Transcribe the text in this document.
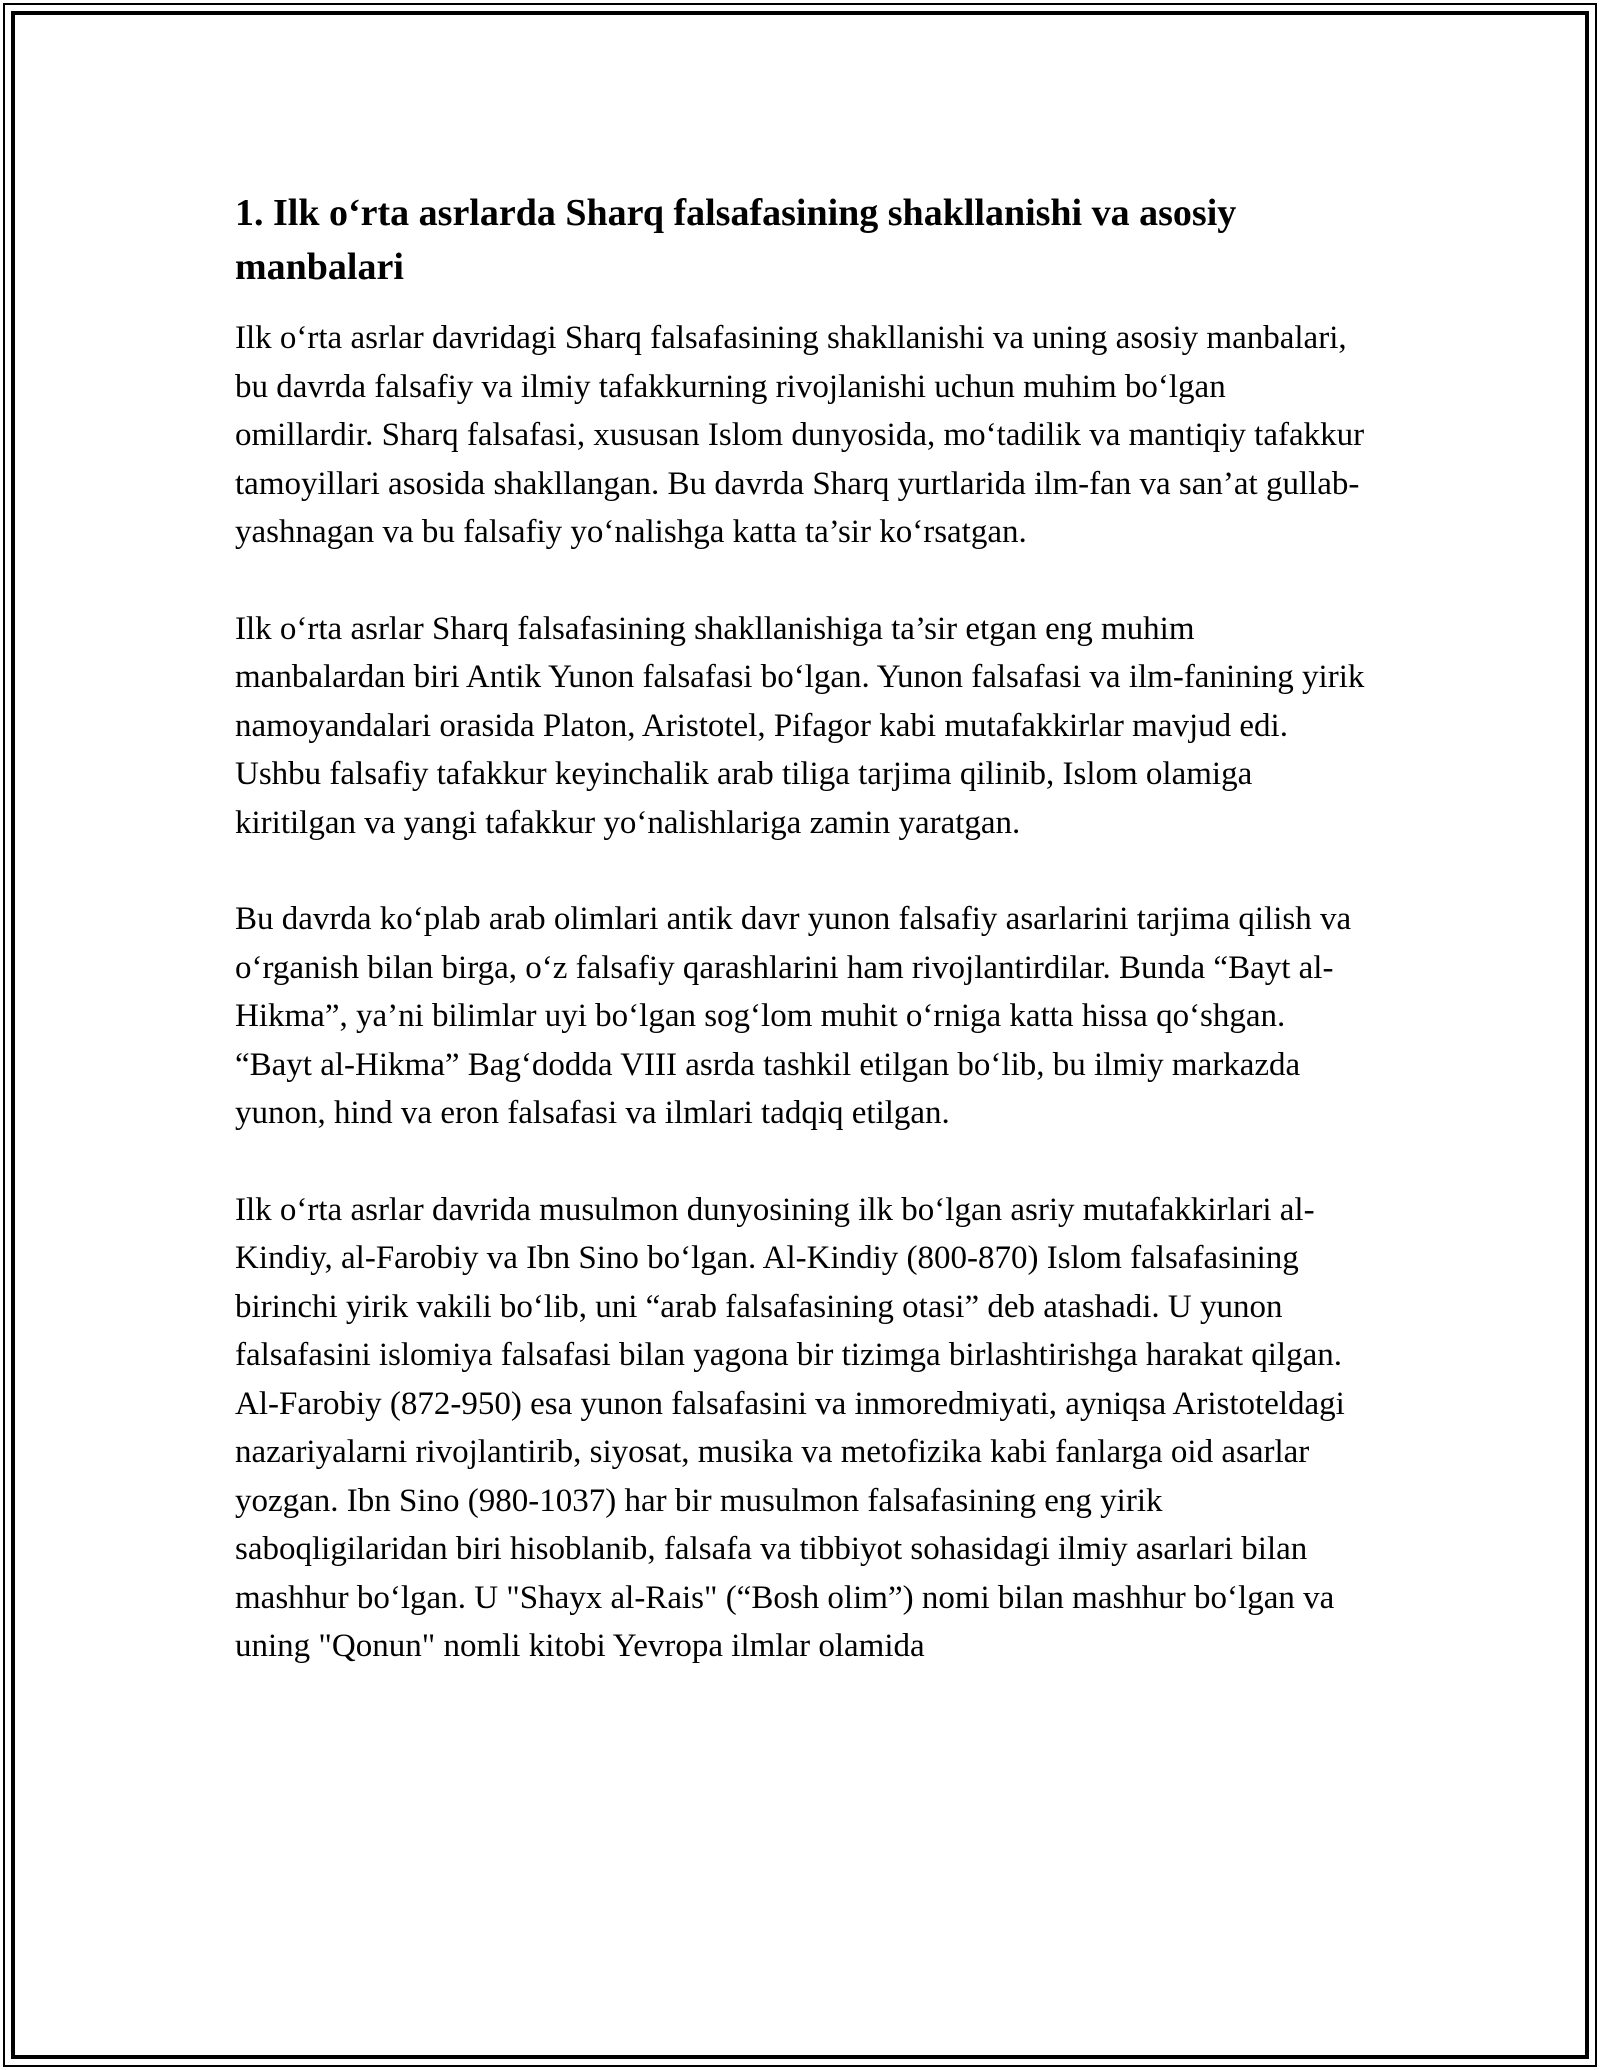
1. Ilk o‘rta asrlarda Sharq falsafasining shakllanishi va asosiy manbalari

Ilk o‘rta asrlar davridagi Sharq falsafasining shakllanishi va uning asosiy manbalari, bu davrda falsafiy va ilmiy tafakkurning rivojlanishi uchun muhim bo‘lgan omillardir. Sharq falsafasi, xususan Islom dunyosida, mo‘tadilik va mantiqiy tafakkur tamoyillari asosida shakllangan. Bu davrda Sharq yurtlarida ilm-fan va san’at gullab-yashnagan va bu falsafiy yo‘nalishga katta ta’sir ko‘rsatgan.

Ilk o‘rta asrlar Sharq falsafasining shakllanishiga ta’sir etgan eng muhim manbalardan biri Antik Yunon falsafasi bo‘lgan. Yunon falsafasi va ilm-fanining yirik namoyandalari orasida Platon, Aristotel, Pifagor kabi mutafakkirlar mavjud edi. Ushbu falsafiy tafakkur keyinchalik arab tiliga tarjima qilinib, Islom olamiga kiritilgan va yangi tafakkur yo‘nalishlariga zamin yaratgan.

Bu davrda ko‘plab arab olimlari antik davr yunon falsafiy asarlarini tarjima qilish va o‘rganish bilan birga, o‘z falsafiy qarashlarini ham rivojlantirdilar. Bunda “Bayt al-Hikma”, ya’ni bilimlar uyi bo‘lgan sog‘lom muhit o‘rniga katta hissa qo‘shgan. “Bayt al-Hikma” Bag‘dodda VIII asrda tashkil etilgan bo‘lib, bu ilmiy markazda yunon, hind va eron falsafasi va ilmlari tadqiq etilgan.

Ilk o‘rta asrlar davrida musulmon dunyosining ilk bo‘lgan asriy mutafakkirlari al-Kindiy, al-Farobiy va Ibn Sino bo‘lgan. Al-Kindiy (800-870) Islom falsafasining birinchi yirik vakili bo‘lib, uni “arab falsafasining otasi” deb atashadi. U yunon falsafasini islomiya falsafasi bilan yagona bir tizimga birlashtirishga harakat qilgan. Al-Farobiy (872-950) esa yunon falsafasini va inmoredmiyati, ayniqsa Aristoteldagi nazariyalarni rivojlantirib, siyosat, musika va metofizika kabi fanlarga oid asarlar yozgan. Ibn Sino (980-1037) har bir musulmon falsafasining eng yirik saboqligilaridan biri hisoblanib, falsafa va tibbiyot sohasidagi ilmiy asarlari bilan mashhur bo‘lgan. U "Shayx al-Rais" (“Bosh olim”) nomi bilan mashhur bo‘lgan va uning "Qonun" nomli kitobi Yevropa ilmlar olamida
